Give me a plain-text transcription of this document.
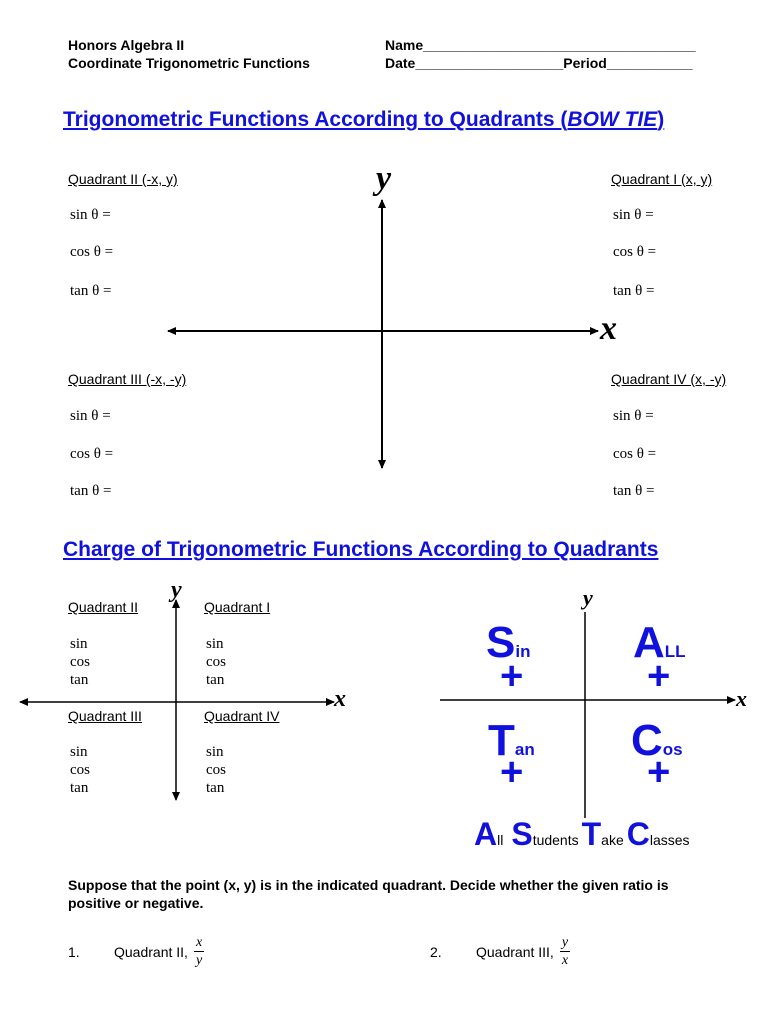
Honors Algebra II
Coordinate Trigonometric Functions
Name___________________________________
Date___________________Period___________
Trigonometric Functions According to Quadrants (BOW TIE)
y
x
Quadrant II (-x, y)
sin θ =
cos θ =
tan θ =
Quadrant I (x, y)
sin θ =
cos θ =
tan θ =
Quadrant III (-x, -y)
sin θ =
cos θ =
tan θ =
Quadrant IV (x, -y)
sin θ =
cos θ =
tan θ =
Charge of Trigonometric Functions According to Quadrants
y
x
Quadrant II
sin
cos
tan
Quadrant I
sin
cos
tan
Quadrant III
sin
cos
tan
Quadrant IV
sin
cos
tan
y
x
Sin
+
ALL
+
Tan
+
Cos
+
All StudentsTakeClasses
Suppose that the point (x, y) is in the indicated quadrant. Decide whether the given ratio is
positive or negative.
1.	Quadrant II, $\frac{x}{y}$	2.	Quadrant III, $\frac{y}{x}$
